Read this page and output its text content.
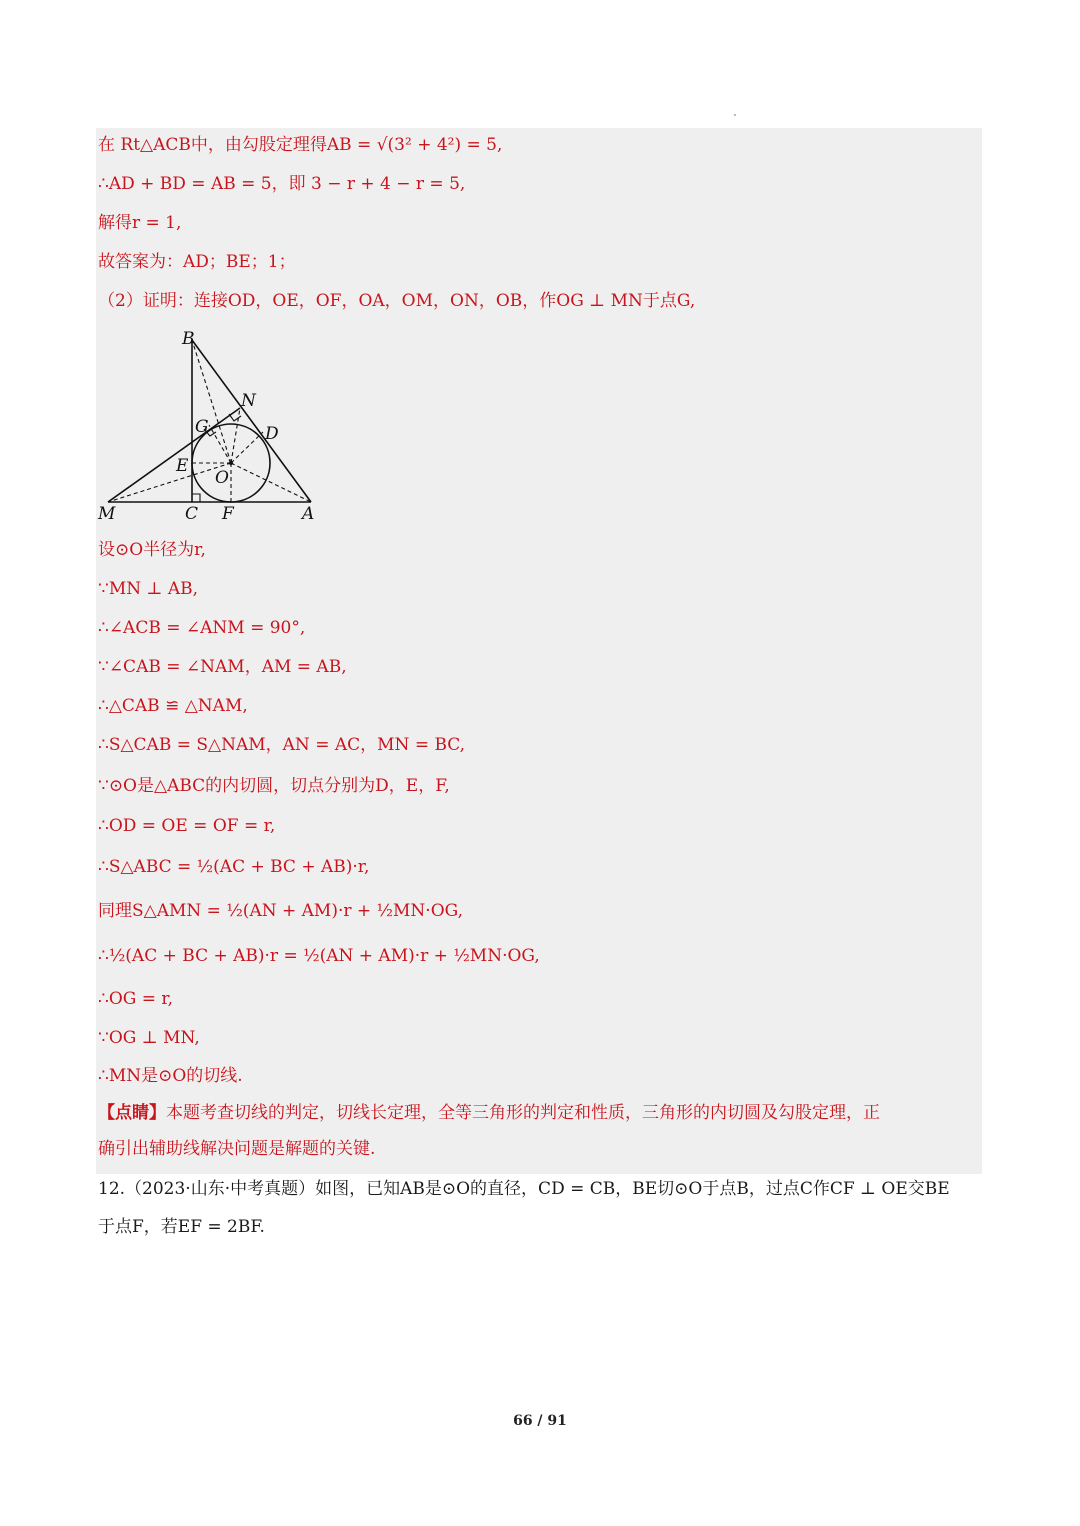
在 Rt△ACB中，由勾股定理得AB = √(3² + 4²) = 5,
∴AD + BD = AB = 5，即 3 − r + 4 − r = 5,
解得r = 1,
故答案为：AD；BE；1；
（2）证明：连接OD，OE，OF，OA，OM，ON，OB，作OG ⊥ MN于点G,
B
N
D
G
E
O
M	C F	A
设⊙O半径为r,
∵MN ⊥ AB,
∴∠ACB = ∠ANM = 90°,
∵∠CAB = ∠NAM，AM = AB,
∴△CAB ≌ △NAM,
∴S△CAB = S△NAM，AN = AC，MN = BC,
∵⊙O是△ABC的内切圆，切点分别为D，E，F,
∴OD = OE = OF = r,
∴S△ABC = ½(AC + BC + AB)·r,
同理S△AMN = ½(AN + AM)·r + ½MN·OG,
∴½(AC + BC + AB)·r = ½(AN + AM)·r + ½MN·OG,
∴OG = r,
∵OG ⊥ MN,
∴MN是⊙O的切线.
【点睛】本题考查切线的判定，切线长定理，全等三角形的判定和性质，三角形的内切圆及勾股定理，正
确引出辅助线解决问题是解题的关键.
12.（2023·山东·中考真题）如图，已知AB是⊙O的直径，CD = CB，BE切⊙O于点B，过点C作CF ⊥ OE交BE
于点F，若EF = 2BF.
66 / 91
